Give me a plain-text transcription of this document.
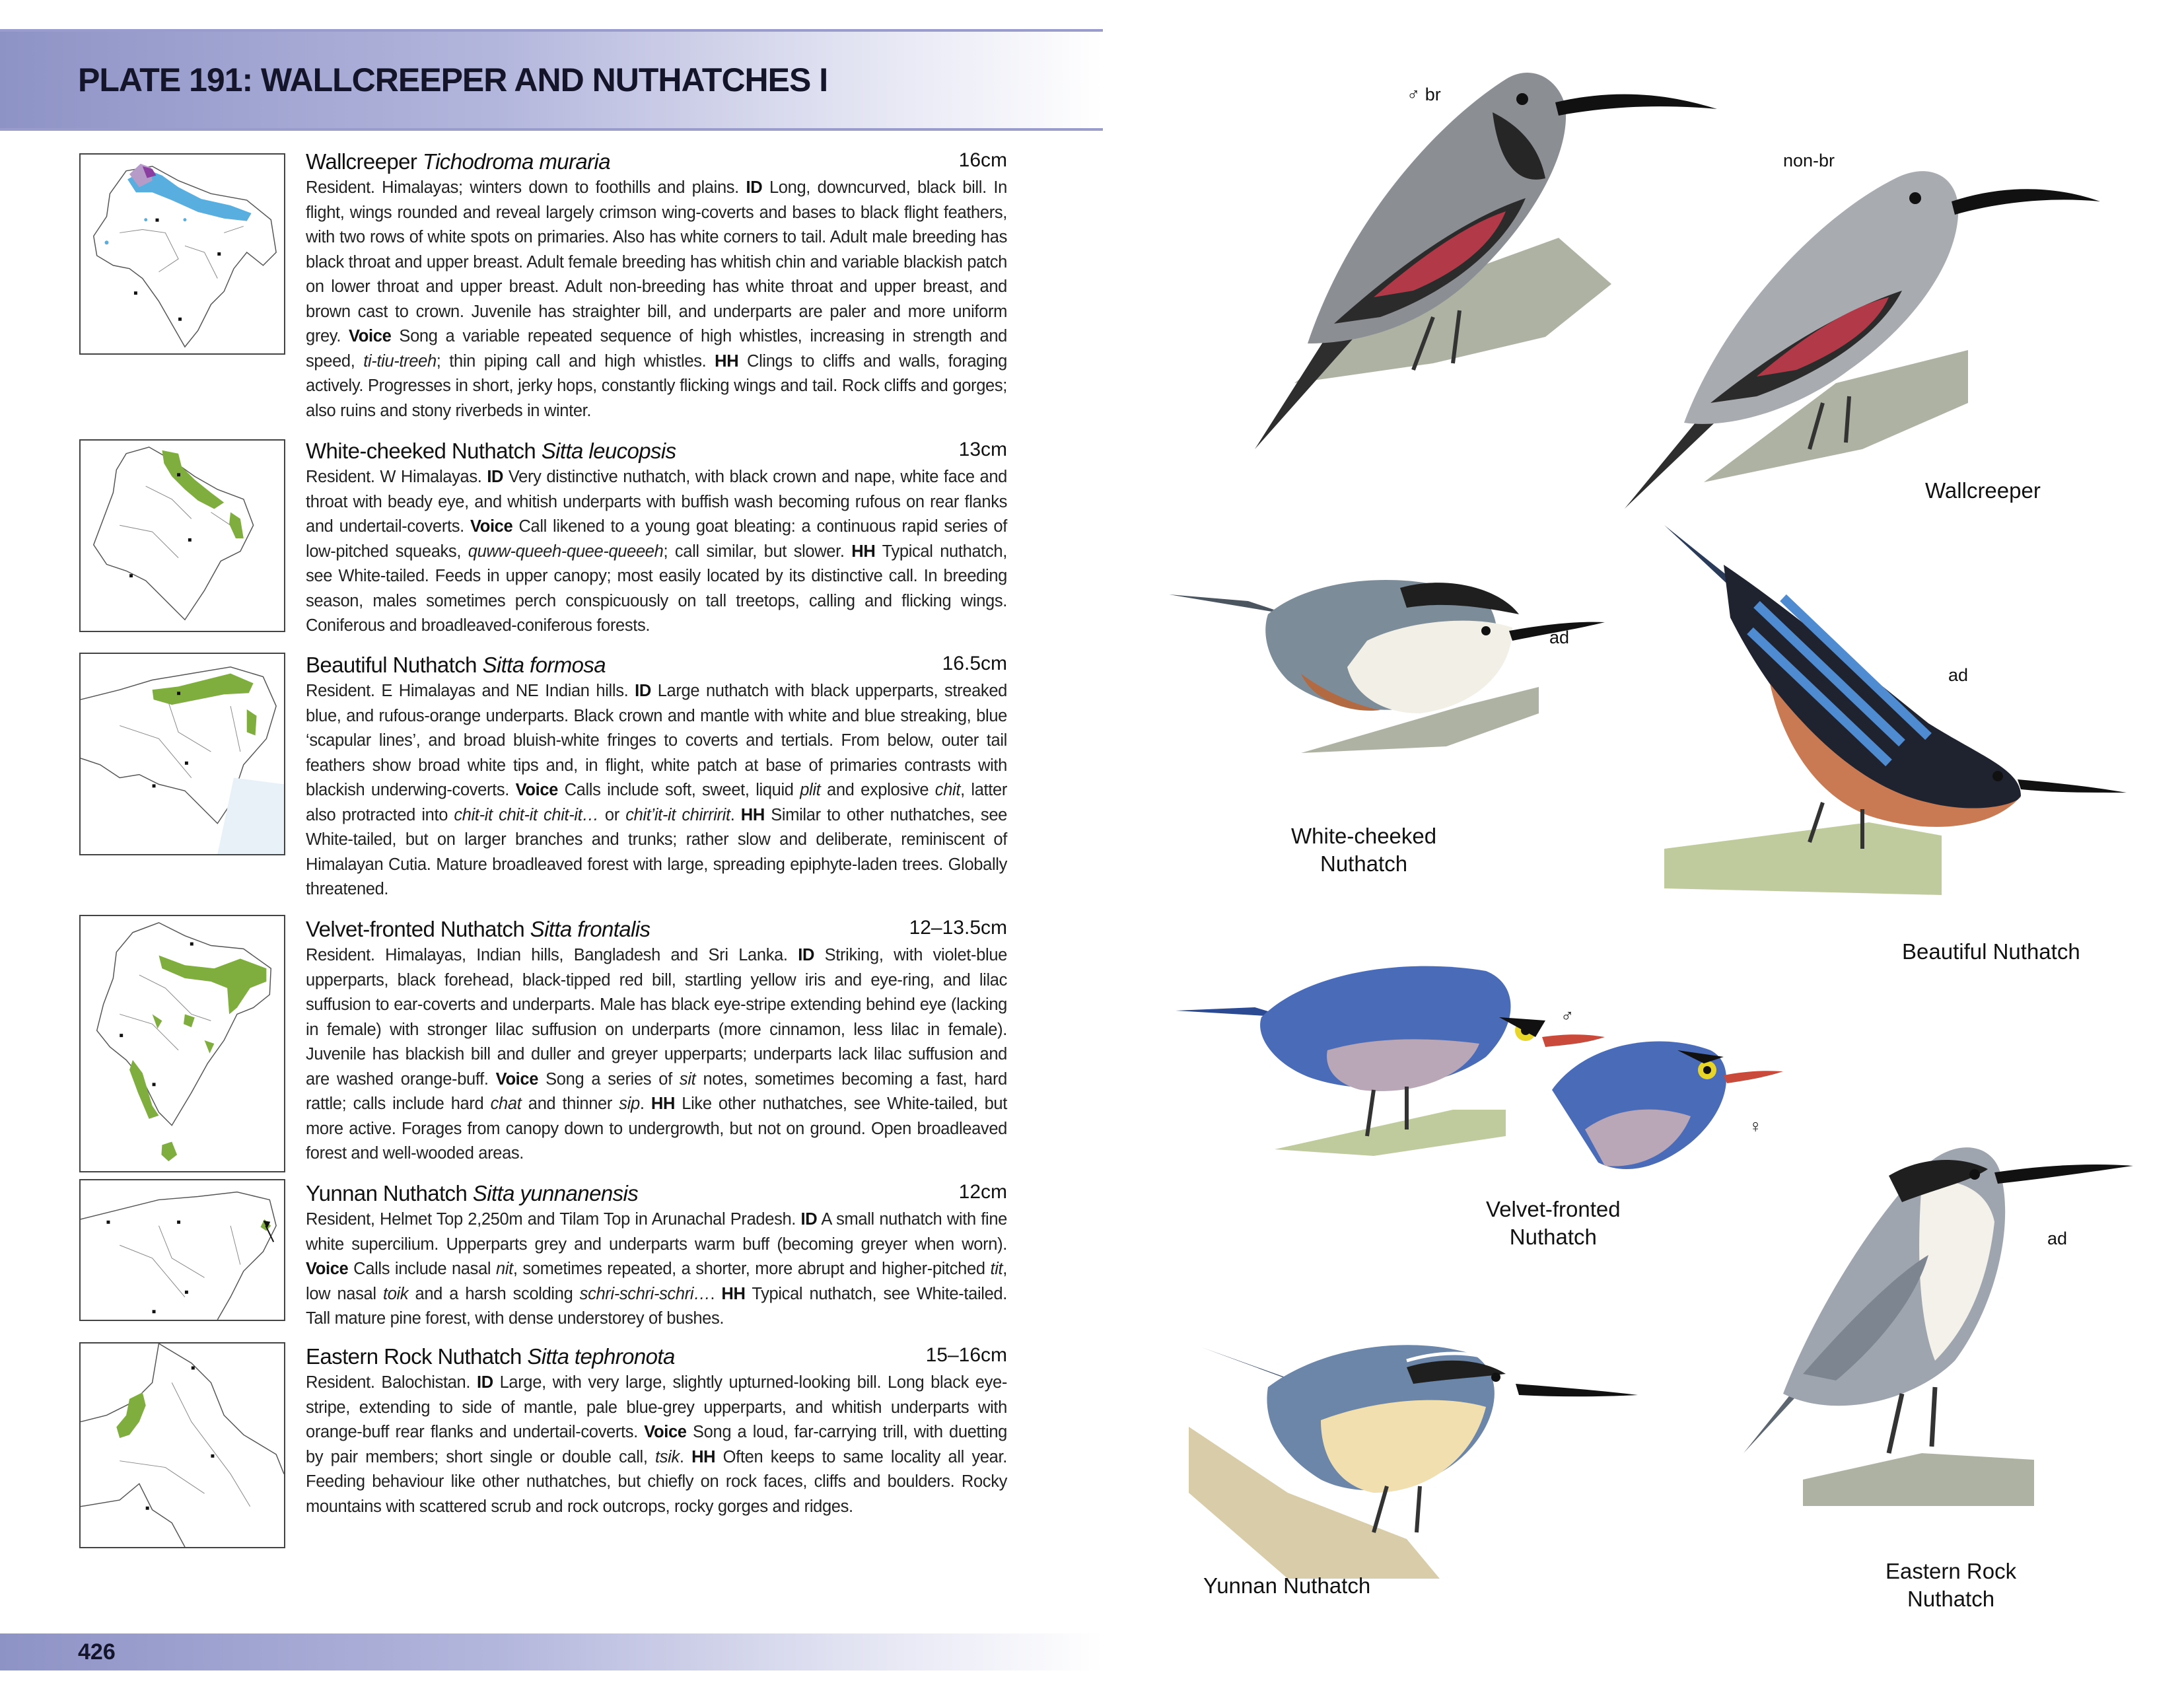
PLATE 191: WALLCREEPER AND NUTHATCHES I
Wallcreeper Tichodroma muraria	16cm

Resident. Himalayas; winters down to foothills and plains. ID Long, downcurved, black bill. In flight, wings rounded and reveal largely crimson wing-coverts and bases to black flight feathers, with two rows of white spots on primaries. Also has white corners to tail. Adult male breeding has black throat and upper breast. Adult female breeding has whitish chin and variable blackish patch on lower throat and upper breast. Adult non-breeding has white throat and upper breast, and brown cast to crown. Juvenile has straighter bill, and underparts are paler and more uniform grey. Voice Song a variable repeated sequence of high whistles, increasing in strength and speed, ti-tiu-treeh; thin piping call and high whistles. HH Clings to cliffs and walls, foraging actively. Progresses in short, jerky hops, constantly flicking wings and tail. Rock cliffs and gorges; also ruins and stony riverbeds in winter.

White-cheeked Nuthatch Sitta leucopsis	13cm

Resident. W Himalayas. ID Very distinctive nuthatch, with black crown and nape, white face and throat with beady eye, and whitish underparts with buffish wash becoming rufous on rear flanks and undertail-coverts. Voice Call likened to a young goat bleating: a continuous rapid series of low-pitched squeaks, quww-queeh-quee-queeeh; call similar, but slower. HH Typical nuthatch, see White-tailed. Feeds in upper canopy; most easily located by its distinctive call. In breeding season, males sometimes perch conspicuously on tall treetops, calling and flicking wings. Coniferous and broadleaved-coniferous forests.

Beautiful Nuthatch Sitta formosa	16.5cm

Resident. E Himalayas and NE Indian hills. ID Large nuthatch with black upperparts, streaked blue, and rufous-orange underparts. Black crown and mantle with white and blue streaking, blue ‘scapular lines’, and broad bluish-white fringes to coverts and tertials. From below, outer tail feathers show broad white tips and, in flight, white patch at base of primaries contrasts with blackish underwing-coverts. Voice Calls include soft, sweet, liquid plit and explosive chit, latter also protracted into chit-it chit-it chit-it… or chit’it-it chirririt. HH Similar to other nuthatches, see White-tailed, but on larger branches and trunks; rather slow and deliberate, reminiscent of Himalayan Cutia. Mature broadleaved forest with large, spreading epiphyte-laden trees. Globally threatened.

Velvet-fronted Nuthatch Sitta frontalis	12–13.5cm

Resident. Himalayas, Indian hills, Bangladesh and Sri Lanka. ID Striking, with violet-blue upperparts, black forehead, black-tipped red bill, startling yellow iris and eye-ring, and lilac suffusion to ear-coverts and underparts. Male has black eye-stripe extending behind eye (lacking in female) with stronger lilac suffusion on underparts (more cinnamon, less lilac in female). Juvenile has blackish bill and duller and greyer upperparts; underparts lack lilac suffusion and are washed orange-buff. Voice Song a series of sit notes, sometimes becoming a fast, hard rattle; calls include hard chat and thinner sip. HH Like other nuthatches, see White-tailed, but more active. Forages from canopy down to undergrowth, but not on ground. Open broadleaved forest and well-wooded areas.

Yunnan Nuthatch Sitta yunnanensis	12cm

Resident, Helmet Top 2,250m and Tilam Top in Arunachal Pradesh. ID A small nuthatch with fine white supercilium. Upperparts grey and underparts warm buff (becoming greyer when worn). Voice Calls include nasal nit, sometimes repeated, a shorter, more abrupt and higher-pitched tit, low nasal toik and a harsh scolding schri-schri-schri…. HH Typical nuthatch, see White-tailed. Tall mature pine forest, with dense understorey of bushes.

Eastern Rock Nuthatch Sitta tephronota	15–16cm

Resident. Balochistan. ID Large, with very large, slightly upturned-looking bill. Long black eye-stripe, extending to side of mantle, pale blue-grey upperparts, and whitish underparts with orange-buff rear flanks and undertail-coverts. Voice Song a loud, far-carrying trill, with duetting by pair members; short single or double call, tsik. HH Often keeps to same locality all year. Feeding behaviour like other nuthatches, but chiefly on rock faces, cliffs and boulders. Rocky mountains with scattered scrub and rock outcrops, rocky gorges and ridges.

426
♂ br
non-br
ad
ad
♂
♀
ad
Wallcreeper
White-cheeked
Nuthatch
Beautiful Nuthatch
Velvet-fronted
Nuthatch
Yunnan Nuthatch
Eastern Rock
Nuthatch
